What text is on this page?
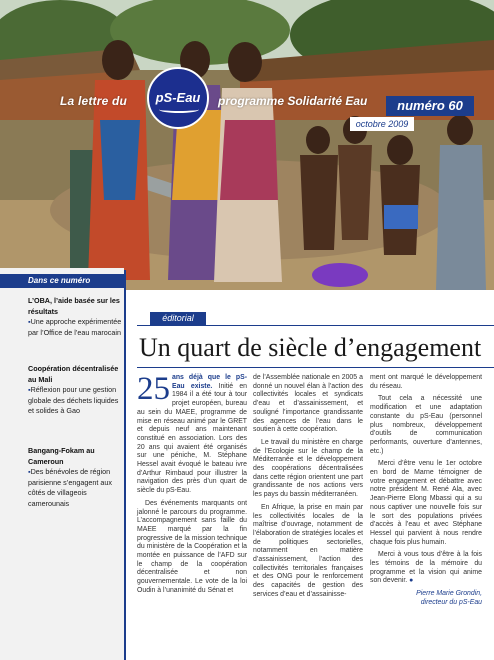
pS-Eau
La lettre du	programme Solidarité Eau	numéro 60
octobre 2009
Dans ce numéro
L’OBA, l’aide basée sur les résultats
▪ Une approche expérimentée par l’Office de l’eau marocain
Coopération décentralisée au Mali
▪ Réflexion pour une gestion globale des déchets liquides et solides à Gao
Bangang-Fokam au Cameroun
▪ Des bénévoles de région parisienne s’engagent aux côtés de villageois camerounais
éditorial
Un quart de siècle d’engagement

25 ans déjà que le pS-Eau existe. Initié en 1984 il a été tour à tour projet européen, bureau au sein du MAEE, programme de mise en réseau animé par le GRET et depuis neuf ans maintenant constitué en association. Lors des 20 ans qui avaient été organisés sur une péniche, M. Stéphane Hessel avait évoqué le bateau ivre d’Arthur Rimbaud pour illustrer la navigation des près d’un quart de siècle du pS-Eau.

Des événements marquants ont jalonné le parcours du programme. L’accompagnement sans faille du MAEE marqué par la fin progressive de la mission technique du ministère de la Coopération et la montée en puissance de l’AFD sur le champ de la coopération décentralisée et non gouvernementale. Le vote de la loi Oudin à l’unanimité du Sénat et

de l’Assemblée nationale en 2005 a donné un nouvel élan à l’action des collectivités locales et syndicats d’eau et d’assainissement, et souligné l’importance grandissante des agences de l’eau dans le soutien à cette coopération.

Le travail du ministère en charge de l’Ecologie sur le champ de la Méditerranée et le développement des coopérations décentralisées dans cette région orientent une part grandissante de nos actions vers les pays du bassin méditerranéen.

En Afrique, la prise en main par les collectivités locales de la maîtrise d’ouvrage, notamment de l’élaboration de stratégies locales et de politiques sectorielles, notamment en matière d’assainissement, l’action des collectivités territoriales françaises et des ONG pour le renforcement des capacités de gestion des services d’eau et d’assainisse-

ment ont marqué le développement du réseau.

Tout cela a nécessité une modification et une adaptation constante du pS-Eau (personnel plus nombreux, développement d’outils de communication performants, ouverture d’antennes, etc.)

Merci d’être venu le 1er octobre en bord de Marne témoigner de votre engagement et débattre avec notre président M. René Ala, avec Jean-Pierre Elong Mbassi qui a su nous captiver une nouvelle fois sur le sort des populations privées d’accès à l’eau et avec Stéphane Hessel qui parvient à nous rendre chaque fois plus humain.

Merci à vous tous d’être à la fois les témoins de la mémoire du programme et la vision qui anime son devenir. ●

Pierre Marie Grondin,
directeur du pS-Eau
